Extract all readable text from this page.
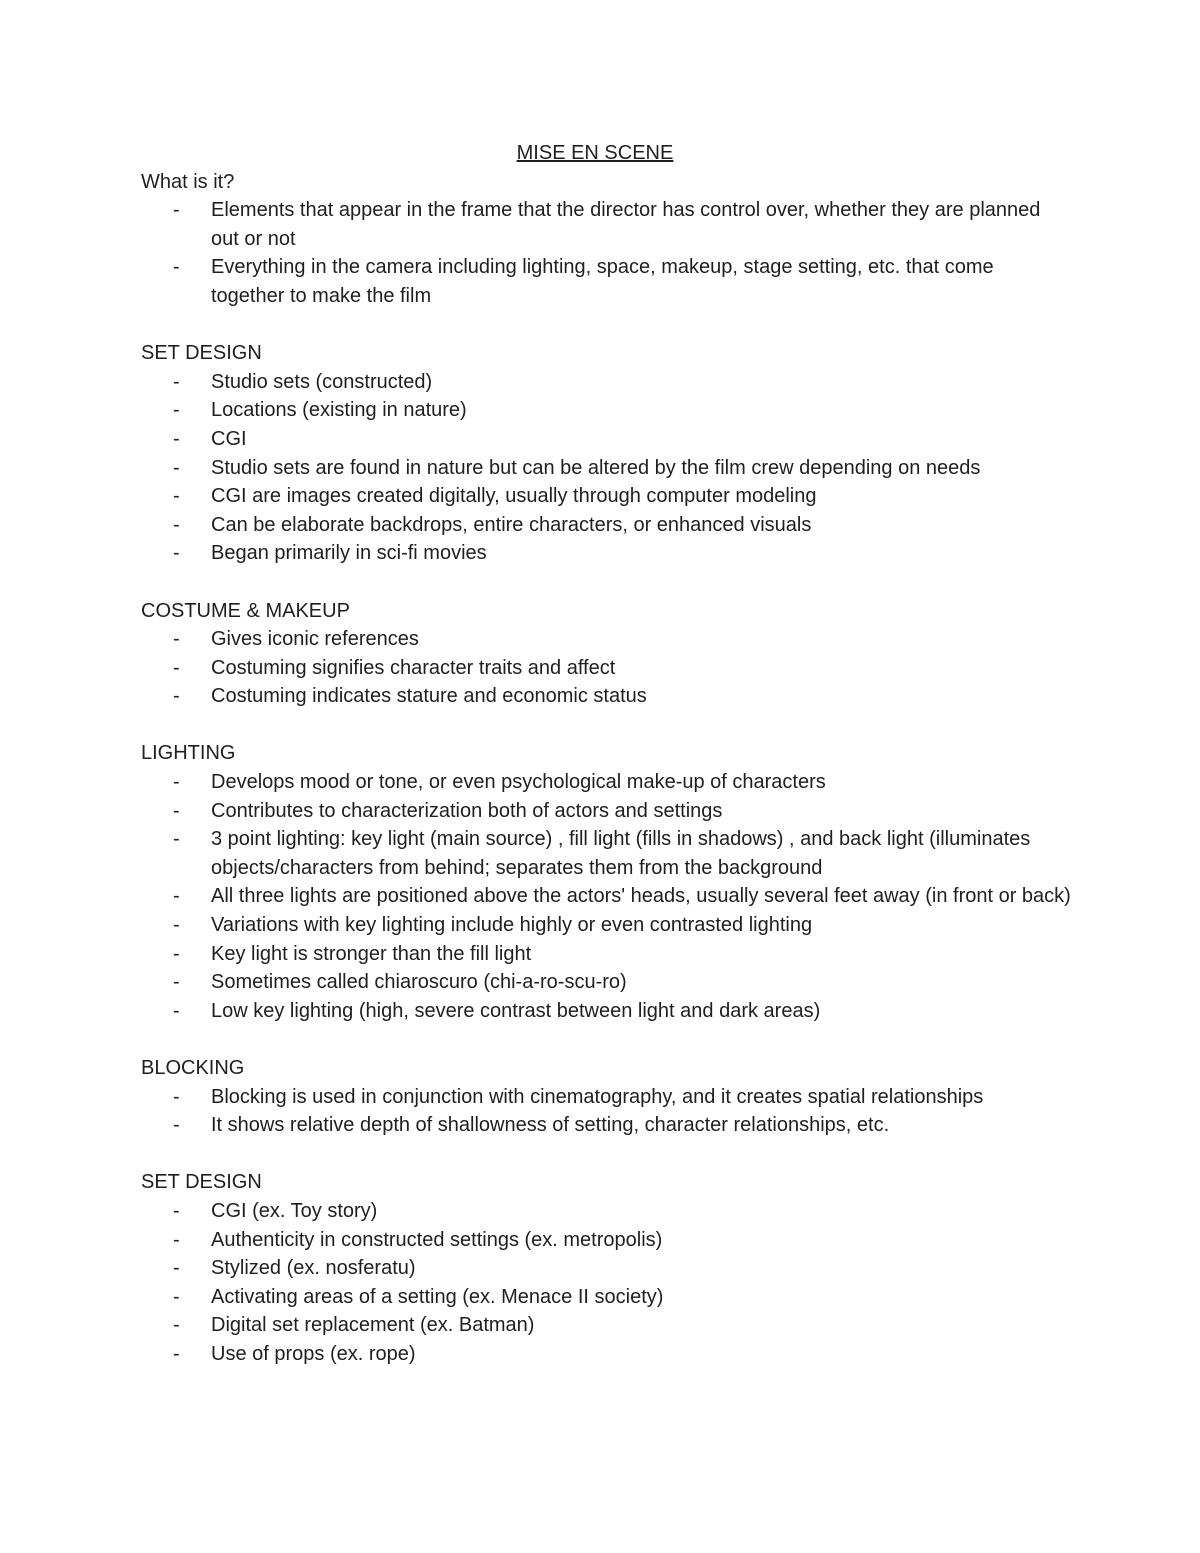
MISE EN SCENE

What is it?

- Elements that appear in the frame that the director has control over, whether they are planned out or not
- Everything in the camera including lighting, space, makeup, stage setting, etc. that come together to make the film

SET DESIGN

- Studio sets (constructed)
- Locations (existing in nature)
- CGI
- Studio sets are found in nature but can be altered by the film crew depending on needs
- CGI are images created digitally, usually through computer modeling
- Can be elaborate backdrops, entire characters, or enhanced visuals
- Began primarily in sci-fi movies

COSTUME & MAKEUP

- Gives iconic references
- Costuming signifies character traits and affect
- Costuming indicates stature and economic status

LIGHTING

- Develops mood or tone, or even psychological make-up of characters
- Contributes to characterization both of actors and settings
- 3 point lighting: key light (main source) , fill light (fills in shadows) , and back light (illuminates objects/characters from behind; separates them from the background
- All three lights are positioned above the actors' heads, usually several feet away (in front or back)
- Variations with key lighting include highly or even contrasted lighting
- Key light is stronger than the fill light
- Sometimes called chiaroscuro (chi-a-ro-scu-ro)
- Low key lighting (high, severe contrast between light and dark areas)

BLOCKING

- Blocking is used in conjunction with cinematography, and it creates spatial relationships
- It shows relative depth of shallowness of setting, character relationships, etc.

SET DESIGN

- CGI (ex. Toy story)
- Authenticity in constructed settings (ex. metropolis)
- Stylized (ex. nosferatu)
- Activating areas of a setting (ex. Menace II society)
- Digital set replacement (ex. Batman)
- Use of props (ex. rope)
